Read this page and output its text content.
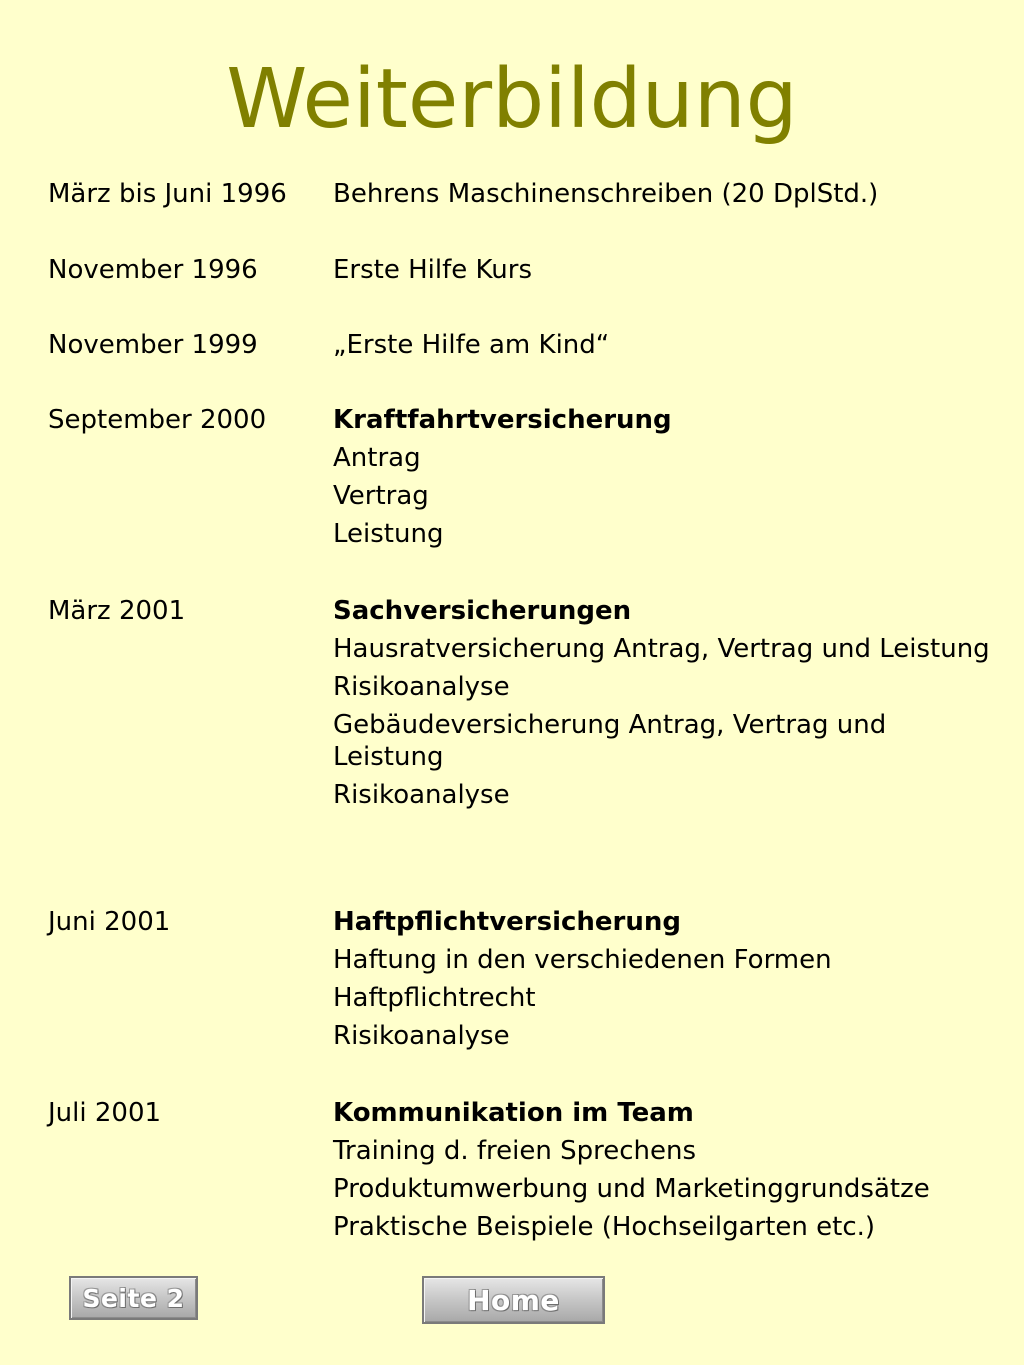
Weiterbildung
März bis Juni 1996 Behrens Maschinenschreiben (20 DplStd.)
November 1996	Erste Hilfe Kurs
November 1999	„Erste Hilfe am Kind“
September 2000	Kraftfahrtversicherung
Antrag
Vertrag
Leistung
März 2001	Sachversicherungen
Hausratversicherung Antrag, Vertrag und Leistung
Risikoanalyse
Gebäudeversicherung Antrag, Vertrag und Leistung
Risikoanalyse
Juni 2001	Haftpflichtversicherung
Haftung in den verschiedenen Formen
Haftpflichtrecht
Risikoanalyse
Juli 2001	Kommunikation im Team
Training d. freien Sprechens
Produktumwerbung und Marketinggrundsätze
Praktische Beispiele (Hochseilgarten etc.)
Seite 2	Home
